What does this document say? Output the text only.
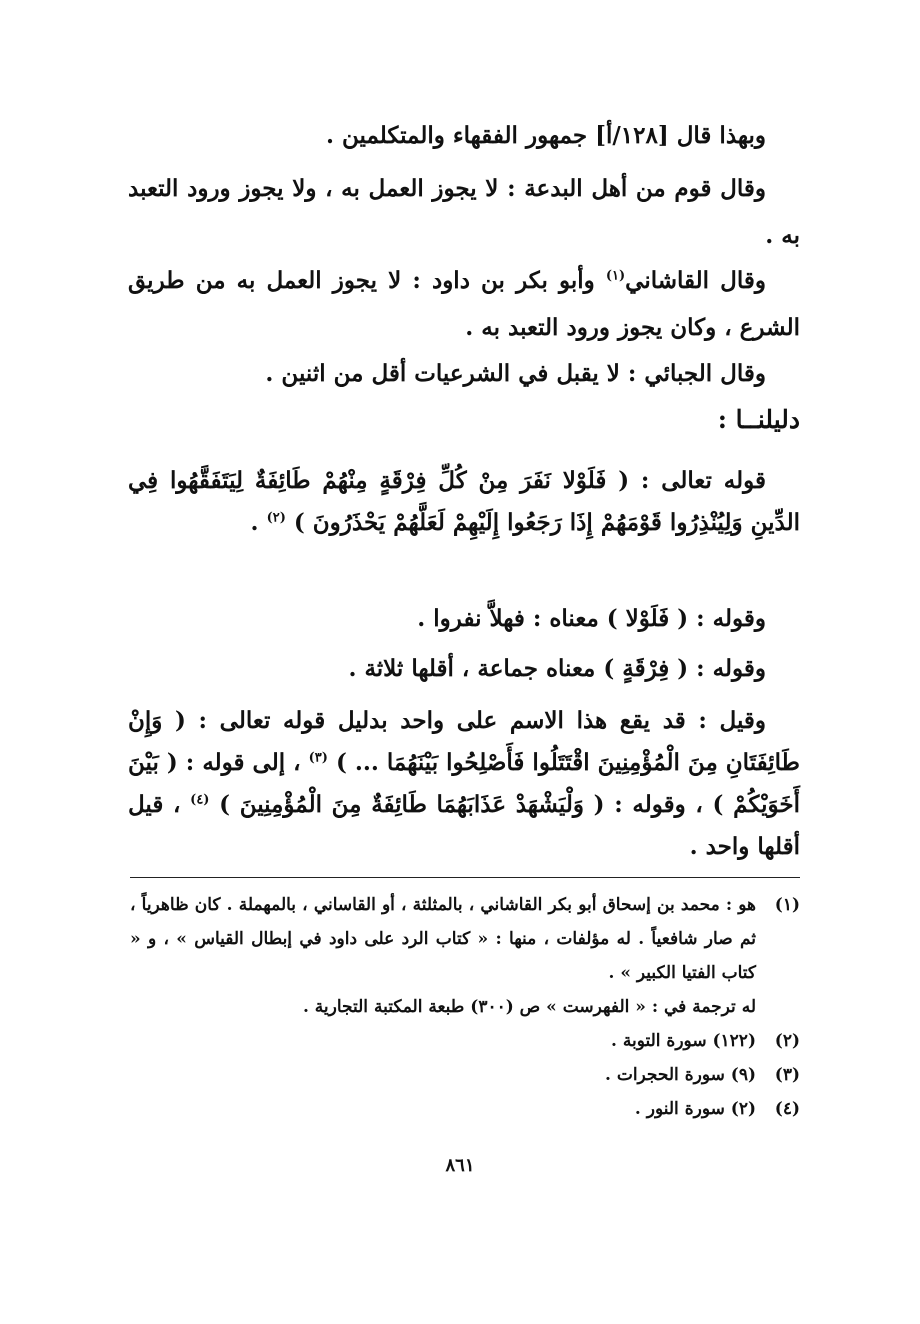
وبهذا قال [١٢٨/أ] جمهور الفقهاء والمتكلمين .

وقال قوم من أهل البدعة : لا يجوز العمل به ، ولا يجوز ورود التعبد به .

وقال القاشاني$^{(١)}$ وأبو بكر بن داود : لا يجوز العمل به من طريق الشرع ، وكان يجوز ورود التعبد به .

وقال الجبائي : لا يقبل في الشرعيات أقل من اثنين .

دليلنــا :

قوله تعالى : ( فَلَوْلا نَفَرَ مِنْ كُلِّ فِرْقَةٍ مِنْهُمْ طَائِفَةٌ لِيَتَفَقَّهُوا فِي الدِّينِ وَلِيُنْذِرُوا قَوْمَهُمْ إِذَا رَجَعُوا إِلَيْهِمْ لَعَلَّهُمْ يَحْذَرُونَ ) $^{(٢)}$ .

وقوله : ( فَلَوْلا ) معناه : فهلاَّ نفروا .

وقوله : ( فِرْقَةٍ ) معناه جماعة ، أقلها ثلاثة .

وقيل : قد يقع هذا الاسم على واحد بدليل قوله تعالى : ( وَإِنْ طَائِفَتَانِ مِنَ الْمُؤْمِنِينَ اقْتَتَلُوا فَأَصْلِحُوا بَيْنَهُمَا ... ) $^{(٣)}$ ، إلى قوله : ( بَيْنَ أَخَوَيْكُمْ ) ، وقوله : ( وَلْيَشْهَدْ عَذَابَهُمَا طَائِفَةٌ مِنَ الْمُؤْمِنِينَ ) $^{(٤)}$ ، قيل أقلها واحد .

(١)
هو : محمد بن إسحاق أبو بكر القاشاني ، بالمثلثة ، أو القاساني ، بالمهملة . كان ظاهرياً ، ثم صار شافعياً . له مؤلفات ، منها : « كتاب الرد على داود في إبطال القياس » ، و « كتاب الفتيا الكبير » .

له ترجمة في : « الفهرست » ص (٣٠٠) طبعة المكتبة التجارية .

(٢)
(١٢٢) سورة التوبة .
(٣)
(٩) سورة الحجرات .
(٤)
(٢) سورة النور .
٨٦١
